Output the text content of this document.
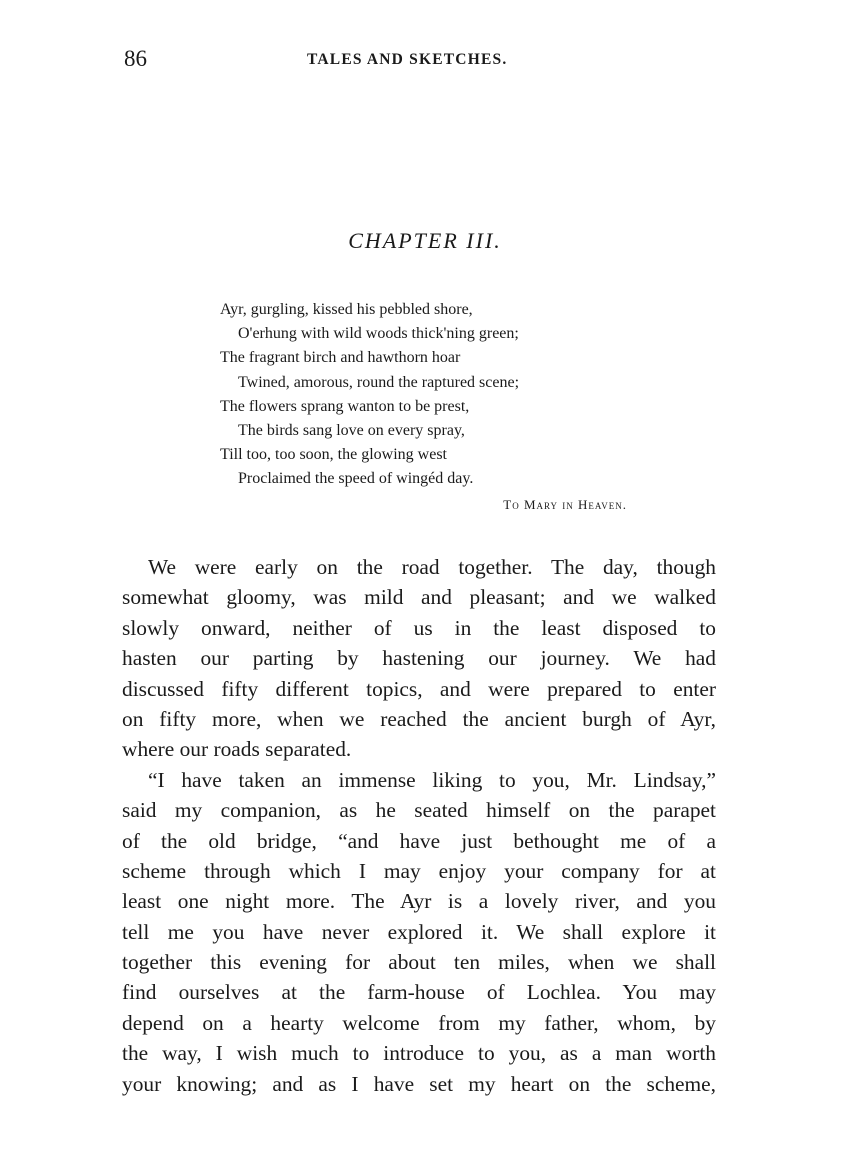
86	TALES AND SKETCHES.
CHAPTER III.
Ayr, gurgling, kissed his pebbled shore,
O'erhung with wild woods thick'ning green;
The fragrant birch and hawthorn hoar
Twined, amorous, round the raptured scene;
The flowers sprang wanton to be prest,
The birds sang love on every spray,
Till too, too soon, the glowing west
Proclaimed the speed of wingéd day.
To Mary in Heaven.
We were early on the road together. The day, though
somewhat gloomy, was mild and pleasant; and we walked
slowly onward, neither of us in the least disposed to
hasten our parting by hastening our journey. We had
discussed fifty different topics, and were prepared to enter
on fifty more, when we reached the ancient burgh of Ayr,
where our roads separated.
“I have taken an immense liking to you, Mr. Lindsay,”
said my companion, as he seated himself on the parapet
of the old bridge, “and have just bethought me of a
scheme through which I may enjoy your company for at
least one night more. The Ayr is a lovely river, and you
tell me you have never explored it. We shall explore it
together this evening for about ten miles, when we shall
find ourselves at the farm-house of Lochlea. You may
depend on a hearty welcome from my father, whom, by
the way, I wish much to introduce to you, as a man worth
your knowing; and as I have set my heart on the scheme,
